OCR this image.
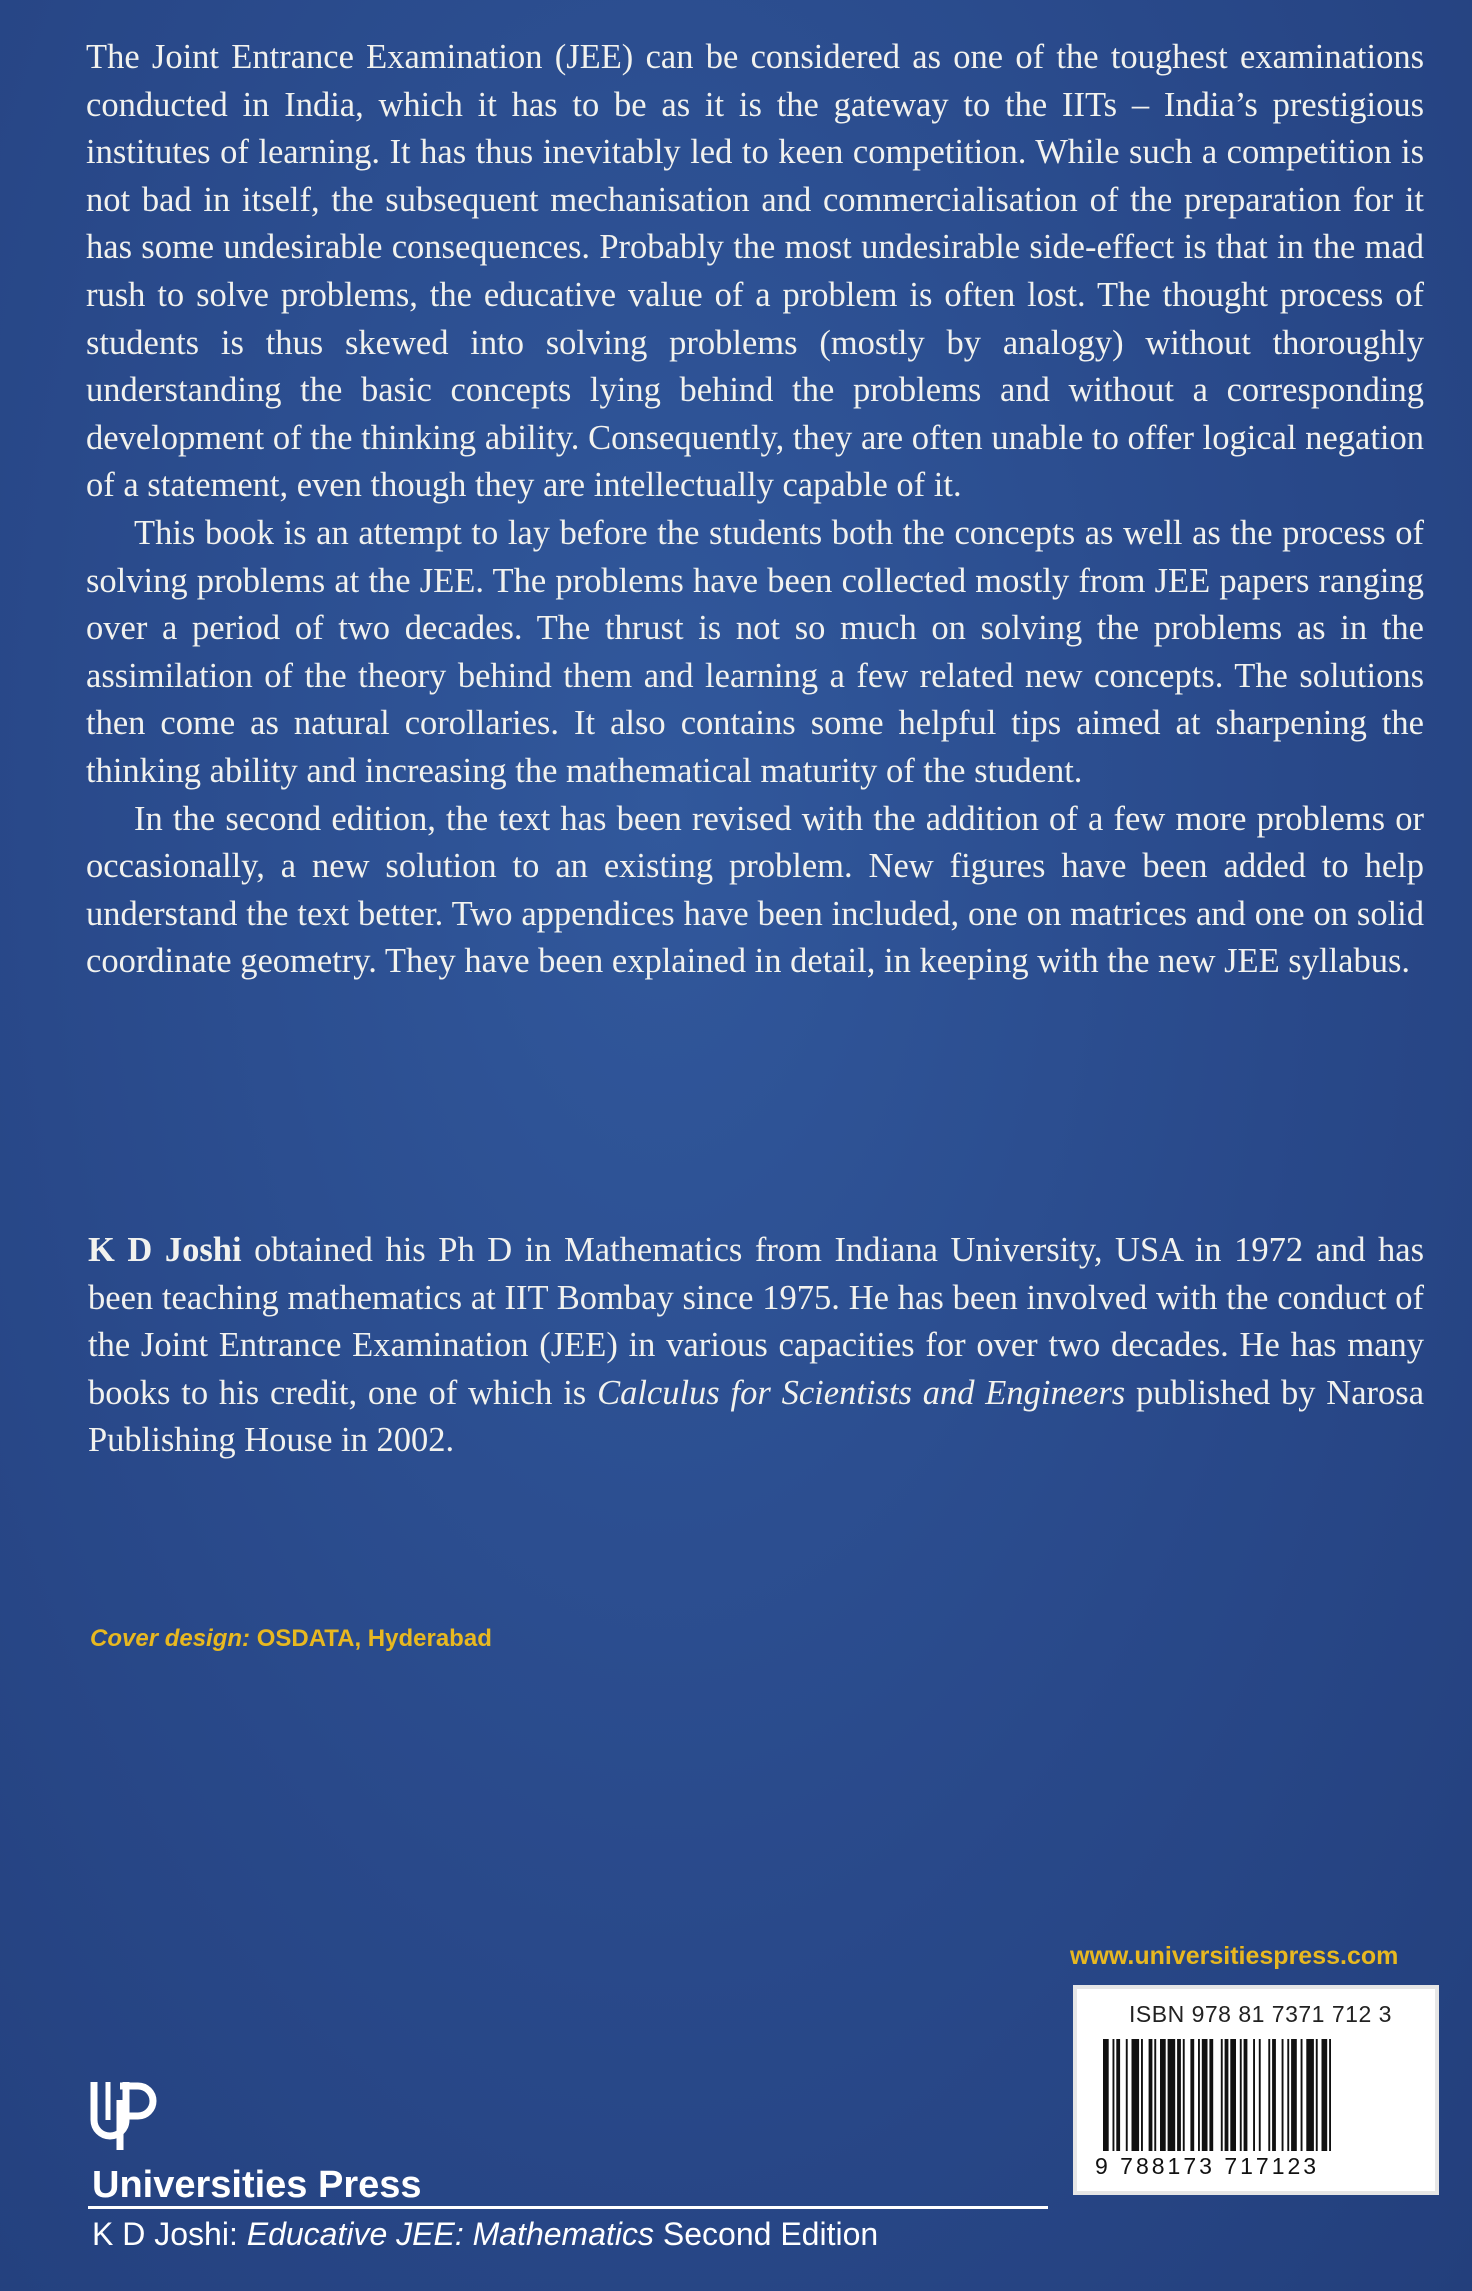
The Joint Entrance Examination (JEE) can be considered as one of the toughest examinations conducted in India, which it has to be as it is the gateway to the IITs – India’s prestigious institutes of learning. It has thus inevitably led to keen competition. While such a competition is not bad in itself, the subsequent mechanisation and commercialisation of the preparation for it has some undesirable consequences. Probably the most undesirable side-effect is that in the mad rush to solve problems, the educative value of a problem is often lost. The thought process of students is thus skewed into solving problems (mostly by analogy) without thoroughly understanding the basic concepts lying behind the problems and without a corresponding development of the thinking ability. Consequently, they are often unable to offer logical negation of a statement, even though they are intellectually capable of it.

This book is an attempt to lay before the students both the concepts as well as the process of solving problems at the JEE. The problems have been collected mostly from JEE papers ranging over a period of two decades. The thrust is not so much on solving the problems as in the assimilation of the theory behind them and learning a few related new concepts. The solutions then come as natural corollaries. It also contains some helpful tips aimed at sharpening the thinking ability and increasing the mathematical maturity of the student.

In the second edition, the text has been revised with the addition of a few more problems or occasionally, a new solution to an existing problem. New figures have been added to help understand the text better. Two appendices have been included, one on matrices and one on solid coordinate geometry. They have been explained in detail, in keeping with the new JEE syllabus.

K D Joshi obtained his Ph D in Mathematics from Indiana University, USA in 1972 and has been teaching mathematics at IIT Bombay since 1975. He has been involved with the conduct of the Joint Entrance Examination (JEE) in various capacities for over two decades. He has many books to his credit, one of which is Calculus for Scientists and Engineers published by Narosa Publishing House in 2002.
Cover design: OSDATA, Hyderabad
www.universitiespress.com
ISBN 978 81 7371 712 3
9 788173 717123
Universities Press
K D Joshi: Educative JEE: Mathematics Second Edition
